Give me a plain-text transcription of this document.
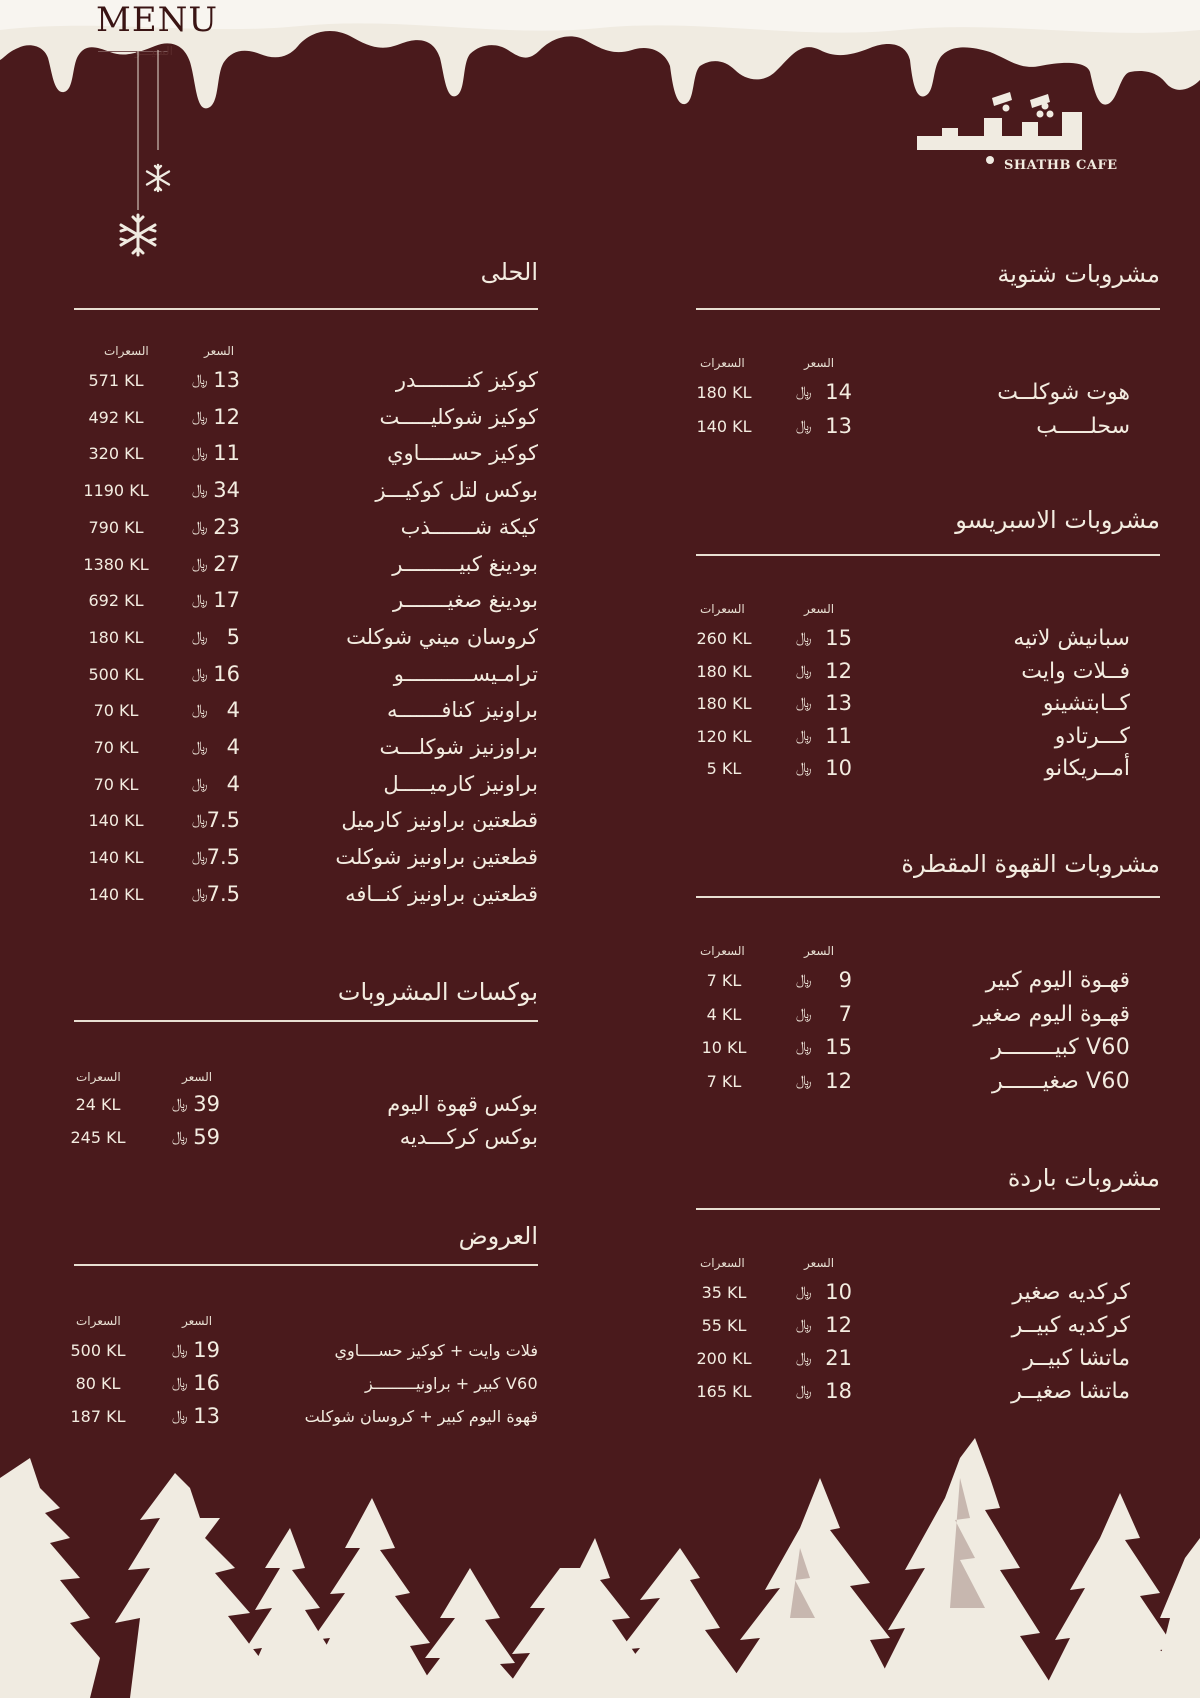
MENU
المنيـــو
SHATHB CAFE
الحلى
السعر
السعرات
كوكيز كنــــــــدر
﷼ 13
571 KL
كوكيز شوكليـــــت
﷼ 12
492 KL
كوكيز حســـــاوي
﷼ 11
320 KL
بوكس لتل كوكيـــز
﷼ 34
1190 KL
كيكة شـــــــذب
﷼ 23
790 KL
بودينغ كبيـــــــــر
﷼ 27
1380 KL
بودينغ صغيـــــــر
﷼ 17
692 KL
كروسان ميني شوكلت
﷼ 5
180 KL
ترامـيســـــــــــو
﷼ 16
500 KL
براونيز كنافـــــــه
﷼ 4
70 KL
براوزنيز شوكلـــت
﷼ 4
70 KL
براونيز كارميـــــل
﷼ 4
70 KL
قطعتين براونيز كارميل
﷼ 7.5
140 KL
قطعتين براونيز شوكلت
﷼ 7.5
140 KL
قطعتين براونيز كنــافه
﷼ 7.5
140 KL
بوكسات المشروبات
السعر
السعرات
بوكس قهوة اليوم
﷼ 39
24 KL
بوكس كركـــديه
﷼ 59
245 KL
العروض
السعر
السعرات
فلات وايت + كوكيز حســــاوي
﷼ 19
500 KL
V60 كبير + براونيـــــــــز
﷼ 16
80 KL
قهوة اليوم كبير + كروسان شوكلت
﷼ 13
187 KL
مشروبات شتوية
السعر
السعرات
هوت شوكلــت
﷼ 14
180 KL
سحلـــــب
﷼ 13
140 KL
مشروبات الاسبريسو
السعر
السعرات
سبانيش لاتيه
﷼ 15
260 KL
فــلات وايت
﷼ 12
180 KL
كــابتشينو
﷼ 13
180 KL
كـــرتادو
﷼ 11
120 KL
أمــريكانو
﷼ 10
5 KL
مشروبات القهوة المقطرة
السعر
السعرات
قهـوة اليوم كبير
﷼	9
7 KL
قهـوة اليوم صغير
﷼	7
4 KL
V60 كبيــــــــر
﷼ 15
10 KL
V60 صغيــــــر
﷼ 12
7 KL
مشروبات باردة
السعر
السعرات
كركديه صغير
﷼ 10
35 KL
كركديه كبيــر
﷼ 12
55 KL
ماتشا كبيــر
﷼ 21
200 KL
ماتشا صغيــر
﷼ 18
165 KL
